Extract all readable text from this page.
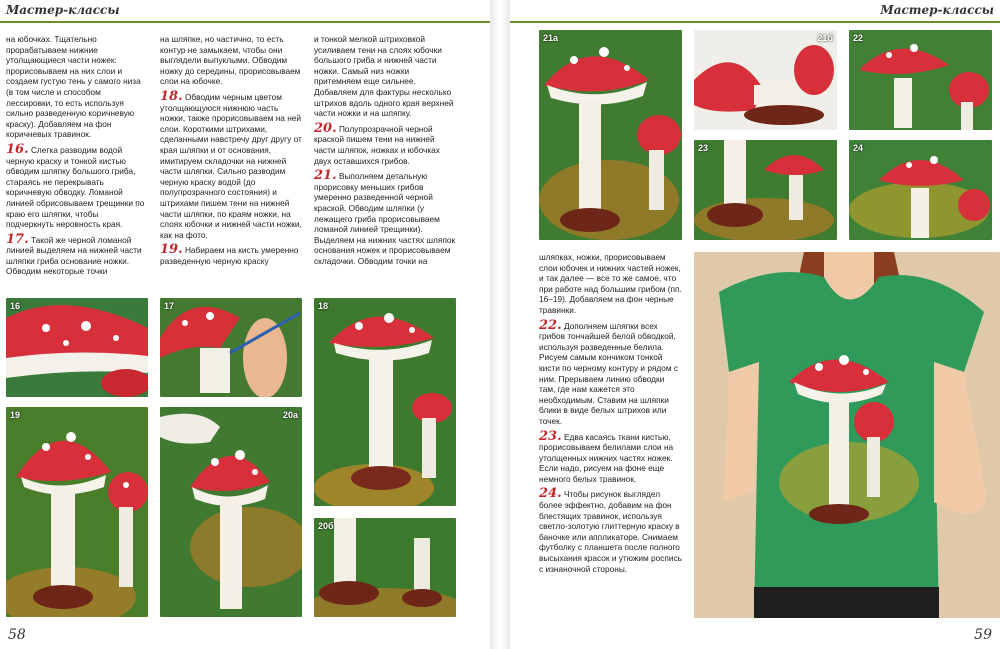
Мастер-классы

на юбочках. Тщательно прорабатываем нижние утолщающиеся части ножек: прорисовываем на них слои и создаем густую тень у самого низа (в том числе и способом лессировки, то есть используя сильно разведенную коричневую краску). Добавляем на фон коричневых травинок.

16. Слегка разводим водой черную краску и тонкой кистью обводим шляпку большого гриба, стараясь не перекрывать коричневую обводку. Ломаной линией обрисовываем трещинки по краю его шляпки, чтобы подчеркнуть неровность края.

17. Такой же черной ломаной линией выделяем на нижней части шляпки гриба основание ножки. Обводим некоторые точки

на шляпке, но частично, то есть контур не замыкаем, чтобы они выглядели выпуклыми. Обводим ножку до середины, прорисовываем слои на юбочке.

18. Обводим черным цветом утолщающуюся нижнюю часть ножки, также прорисовываем на ней слои. Короткими штрихами, сделанными навстречу друг другу от края шляпки и от основания, имитируем складочки на нижней части шляпки. Сильно разводим черную краску водой (до полупрозрачного состояния) и штрихами пишем тени на нижней части шляпки, по краям ножки, на слоях юбочки и нижней части ножки, как на фото.

19. Набираем на кисть умеренно разведенную черную краску

и тонкой мелкой штриховкой усиливаем тени на слоях юбочки большого гриба и нижней части ножки. Самый низ ножки притемняем еще сильнее. Добавляем для фактуры несколько штрихов вдоль одного края верхней части ножки и на шляпку.

20. Полупрозрачной черной краской пишем тени на нижней части шляпок, ножках и юбочках двух оставшихся грибов.

21. Выполняем детальную прорисовку меньших грибов умеренно разведенной черной краской. Обводим шляпки (у лежащего гриба прорисовываем ломаной линией трещинки). Выделяем на нижних частях шляпок основания ножек и прорисовываем складочки. Обводим точки на

16	17	18
19	20а
20б
58
Мастер-классы
21а	21б 22
23	24

шляпках, ножки, прорисовываем слои юбочек и нижних частей ножек, и так далее — все то же самое, что при работе над большим грибом (пп. 16–19). Добавляем на фон черные травинки.

22. Дополняем шляпки всех грибов тончайшей белой обводкой, используя разведенные белила. Рисуем самым кончиком тонкой кисти по черному контуру и рядом с ним. Прерываем линию обводки там, где нам кажется это необходимым. Ставим на шляпки блики в виде белых штрихов или точек.

23. Едва касаясь ткани кистью, прорисовываем белилами слои на утолщенных нижних частях ножек. Если надо, рисуем на фоне еще немного белых травинок.

24. Чтобы рисунок выглядел более эффектно, добавим на фон блестящих травинок, используя светло-золотую глиттерную краску в баночке или аппликаторе. Снимаем футболку с планшета после полного высыхания красок и утюжим роспись с изнаночной стороны.

59
